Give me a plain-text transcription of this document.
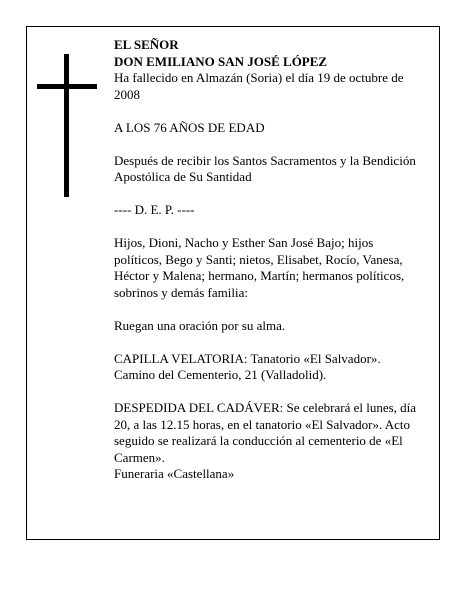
EL SEÑOR

DON EMILIANO SAN JOSÉ LÓPEZ

Ha fallecido en Almazán (Soria) el día 19 de octubre de 2008

A LOS 76 AÑOS DE EDAD

Después de recibir los Santos Sacramentos y la Bendición Apostólica de Su Santidad

---- D. E. P. ----

Hijos, Dioni, Nacho y Esther San José Bajo; hijos políticos, Bego y Santi; nietos, Elisabet, Rocío, Vanesa, Héctor y Malena; hermano, Martín; hermanos políticos, sobrinos y demás familia:

Ruegan una oración por su alma.

CAPILLA VELATORIA: Tanatorio «El Salvador».

Camino del Cementerio, 21 (Valladolid).

DESPEDIDA DEL CADÁVER: Se celebrará el lunes, día 20, a las 12.15 horas, en el tanatorio «El Salvador». Acto seguido se realizará la conducción al cementerio de «El Carmen».

Funeraria «Castellana»
